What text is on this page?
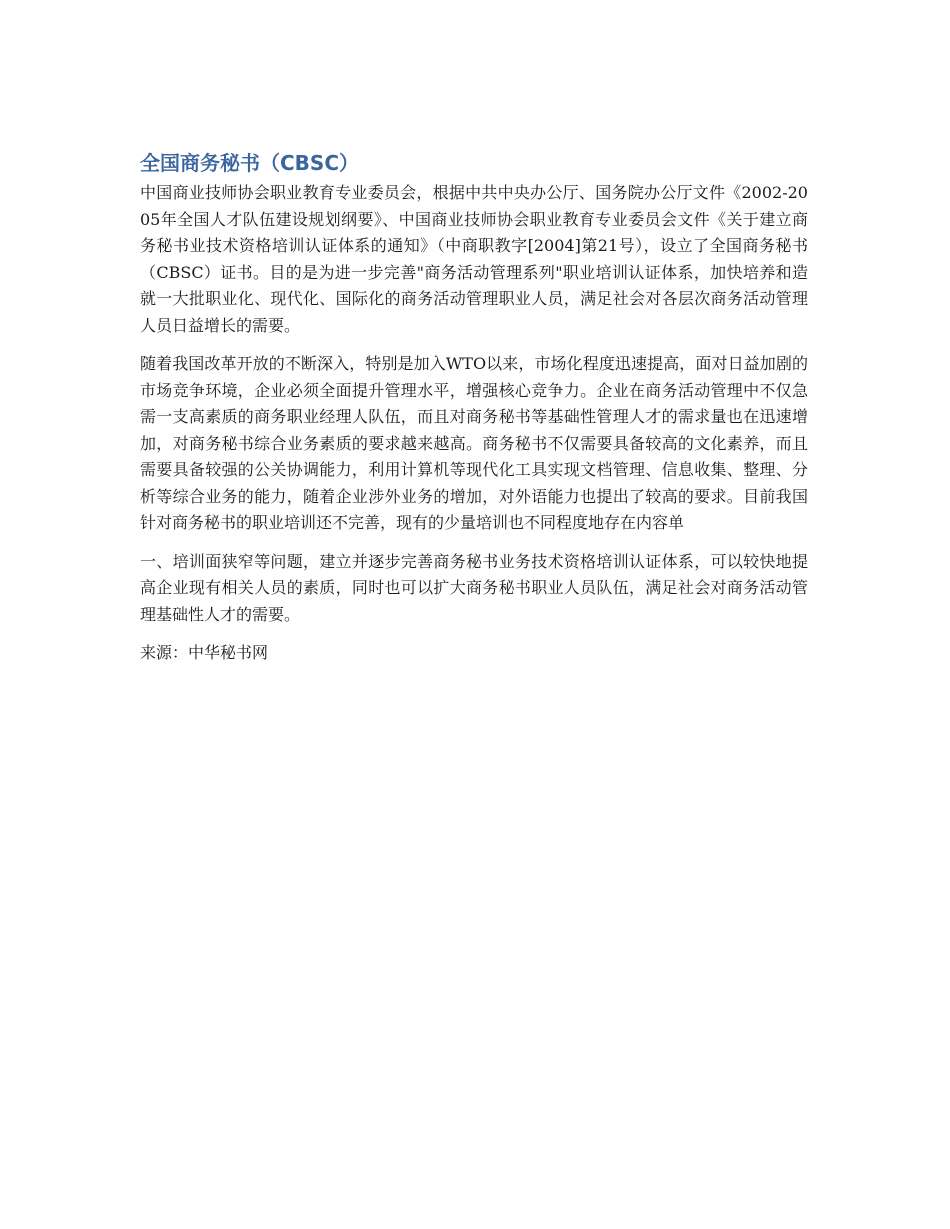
全国商务秘书（CBSC）

中国商业技师协会职业教育专业委员会，根据中共中央办公厅、国务院办公厅文件《2002-2005年全国人才队伍建设规划纲要》、中国商业技师协会职业教育专业委员会文件《关于建立商务秘书业技术资格培训认证体系的通知》（中商职教字[2004]第21号），设立了全国商务秘书（CBSC）证书。目的是为进一步完善"商务活动管理系列"职业培训认证体系，加快培养和造就一大批职业化、现代化、国际化的商务活动管理职业人员，满足社会对各层次商务活动管理人员日益增长的需要。

随着我国改革开放的不断深入，特别是加入WTO以来，市场化程度迅速提高，面对日益加剧的市场竞争环境，企业必须全面提升管理水平，增强核心竞争力。企业在商务活动管理中不仅急需一支高素质的商务职业经理人队伍，而且对商务秘书等基础性管理人才的需求量也在迅速增加，对商务秘书综合业务素质的要求越来越高。商务秘书不仅需要具备较高的文化素养，而且需要具备较强的公关协调能力，利用计算机等现代化工具实现文档管理、信息收集、整理、分析等综合业务的能力，随着企业涉外业务的增加，对外语能力也提出了较高的要求。目前我国针对商务秘书的职业培训还不完善，现有的少量培训也不同程度地存在内容单

一、培训面狭窄等问题，建立并逐步完善商务秘书业务技术资格培训认证体系，可以较快地提高企业现有相关人员的素质，同时也可以扩大商务秘书职业人员队伍，满足社会对商务活动管理基础性人才的需要。

来源：中华秘书网
